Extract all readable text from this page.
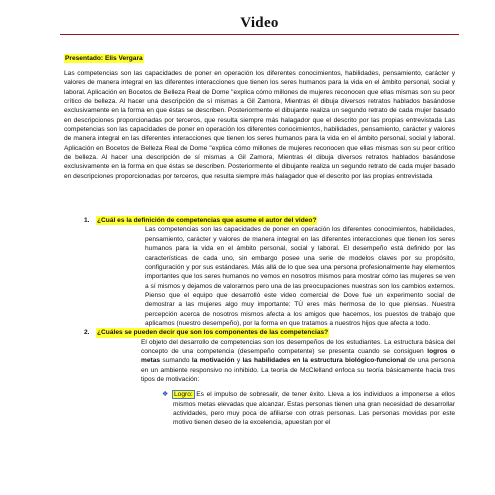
Video
Presentado: Elis Vergara

Las competencias son las capacidades de poner en operación los diferentes conocimientos, habilidades, pensamiento, carácter y valores de manera integral en las diferentes interacciones que tienen los seres humanos para la vida en el ámbito personal, social y laboral. Aplicación en Bocetos de Belleza Real de Dome "explica cómo millones de mujeres reconocen que ellas mismas son su peor crítico de belleza. Al hacer una descripción de sí mismas a Gil Zamora, Mientras él dibuja diversos retratos hablados basándose exclusivamente en la forma en que éstas se describen. Posteriormente el dibujante realiza un segundo retrato de cada mujer basado en descripciones proporcionadas por terceros, que resulta siempre más halagador que el descrito por las propias entrevistada Las competencias son las capacidades de poner en operación los diferentes conocimientos, habilidades, pensamiento, carácter y valores de manera integral en las diferentes interacciones que tienen los seres humanos para la vida en el ámbito personal, social y laboral. Aplicación en Bocetos de Belleza Real de Dome "explica cómo millones de mujeres reconocen que ellas mismas son su peor crítico de belleza. Al hacer una descripción de sí mismas a Gil Zamora, Mientras él dibuja diversos retratos hablados basándose exclusivamente en la forma en que éstas se describen. Posteriormente el dibujante realiza un segundo retrato de cada mujer basado en descripciones proporcionadas por terceros, que resulta siempre más halagador que el descrito por las propias entrevistada

1.	¿Cuál es la definición de competencias que asume el autor del video?

Las competencias son las capacidades de poner en operación los diferentes conocimientos, habilidades, pensamiento, carácter y valores de manera integral en las diferentes interacciones que tienen los seres humanos para la vida en el ámbito personal, social y laboral. El desempeño está definido por las características de cada uno, sin embargo posee una serie de modelos claves por su propósito, configuración y por sus estándares. Más allá de lo que sea una persona profesionalmente hay elementos importantes que los seres humanos no vemos en nosotros mismos para mostrar cómo las mujeres se ven a sí mismos y dejamos de valorarnos pero una de las preocupaciones nuestras son los cambios externos. Pienso que el equipo que desarrolló este video comercial de Dove fue un experimento social de demostrar a las mujeres algo muy importante: TÚ eres más hermosa de lo que piensas. Nuestra percepción acerca de nosotros mismos afecta a los amigos que hacemos, los puestos de trabajo que aplicamos (nuestro desempeño), por la forma en que tratamos a nuestros hijos que afecta a todo.

2.	¿Cuáles se pueden decir que son los componentes de las competencias?

El objeto del desarrollo de competencias son los desempeños de los estudiantes. La estructura básica del concepto de una competencia (desempeño competente) se presenta cuando se consiguen logros o metas sumando la motivación y las habilidades en la estructura biológico-funcional de una persona en un ambiente responsivo no inhibido. La teoría de McClelland enfoca su teoría básicamente hacia tres tipos de motivación:

❖ Logro: Es el impulso de sobresalir, de tener éxito. Lleva a los individuos a imponerse a ellos mismos metas elevadas que alcanzar. Estas personas tienen una gran necesidad de desarrollar actividades, pero muy poca de afiliarse con otras personas. Las personas movidas por este motivo tienen deseo de la excelencia, apuestan por el
